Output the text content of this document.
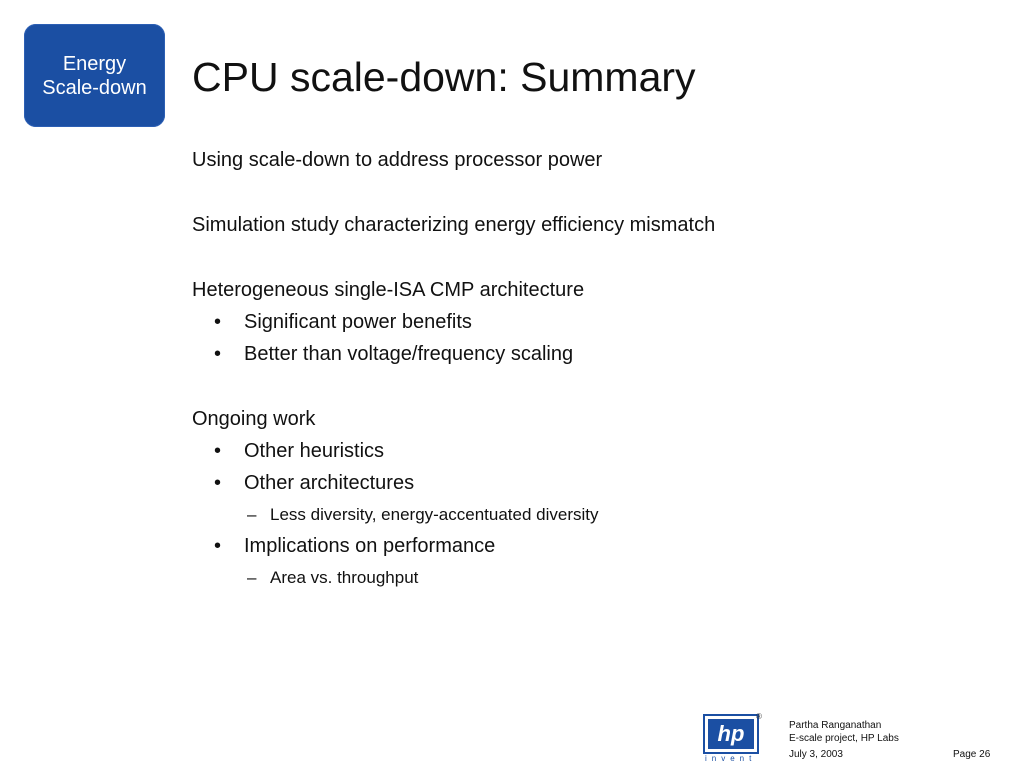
Energy
Scale-down CPU scale-down: Summary
Using scale-down to address processor power
Simulation study characterizing energy efficiency mismatch
Heterogeneous single-ISA CMP architecture
• Significant power benefits
• Better than voltage/frequency scaling
Ongoing work
• Other heuristics
• Other architectures
– Less diversity, energy-accentuated diversity
• Implications on performance
– Area vs. throughput
hp
®
invent
Partha Ranganathan
E-scale project, HP Labs
July 3, 2003	Page 26
